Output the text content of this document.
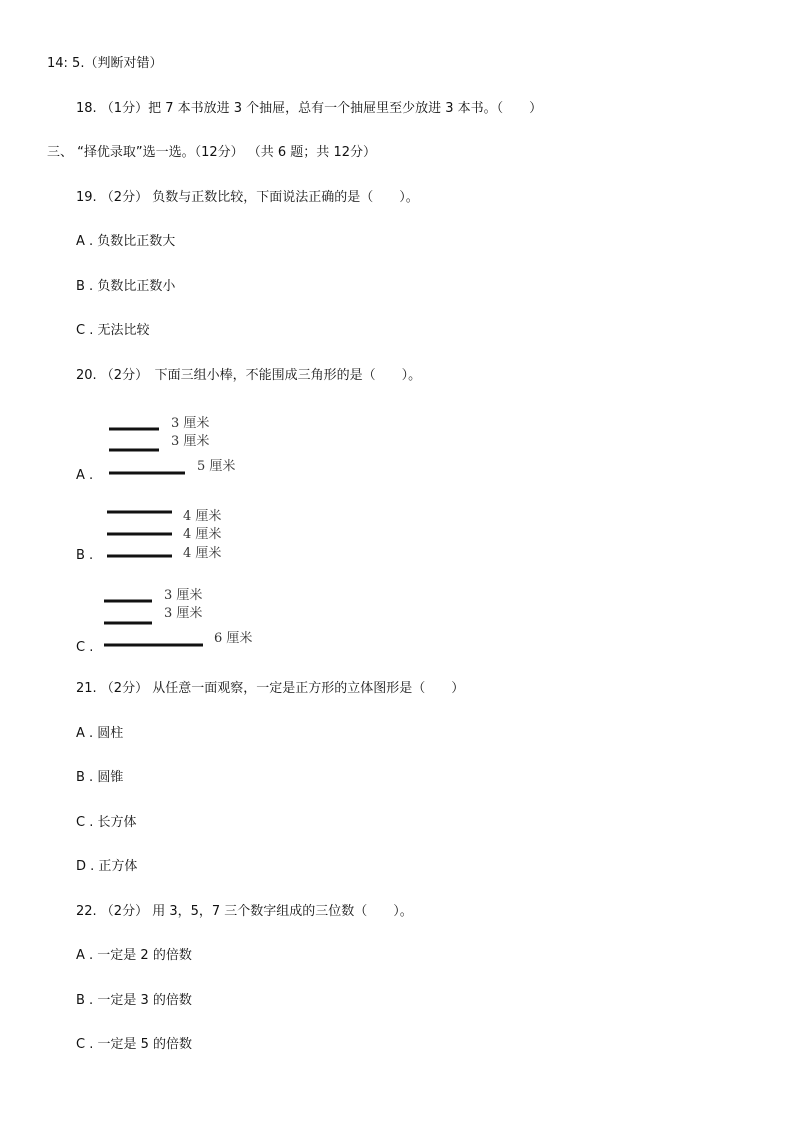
14: 5.（判断对错）
18. （1分）把 7 本书放进 3 个抽屉，总有一个抽屉里至少放进 3 本书。（　　）
三、 “择优录取”选一选。（12分） （共 6 题；共 12分）
19. （2分） 负数与正数比较，下面说法正确的是（　　）。
A . 负数比正数大
B . 负数比正数小
C . 无法比较
20. （2分）　下面三组小棒，不能围成三角形的是（　　）。
A .
3 厘米
3 厘米
5 厘米
B .
4 厘米
4 厘米
4 厘米
C .
3 厘米
3 厘米
6 厘米
21. （2分） 从任意一面观察，一定是正方形的立体图形是（　　）
A . 圆柱
B . 圆锥
C . 长方体
D . 正方体
22. （2分） 用 3，5，7 三个数字组成的三位数（　　）。
A . 一定是 2 的倍数
B . 一定是 3 的倍数
C . 一定是 5 的倍数
